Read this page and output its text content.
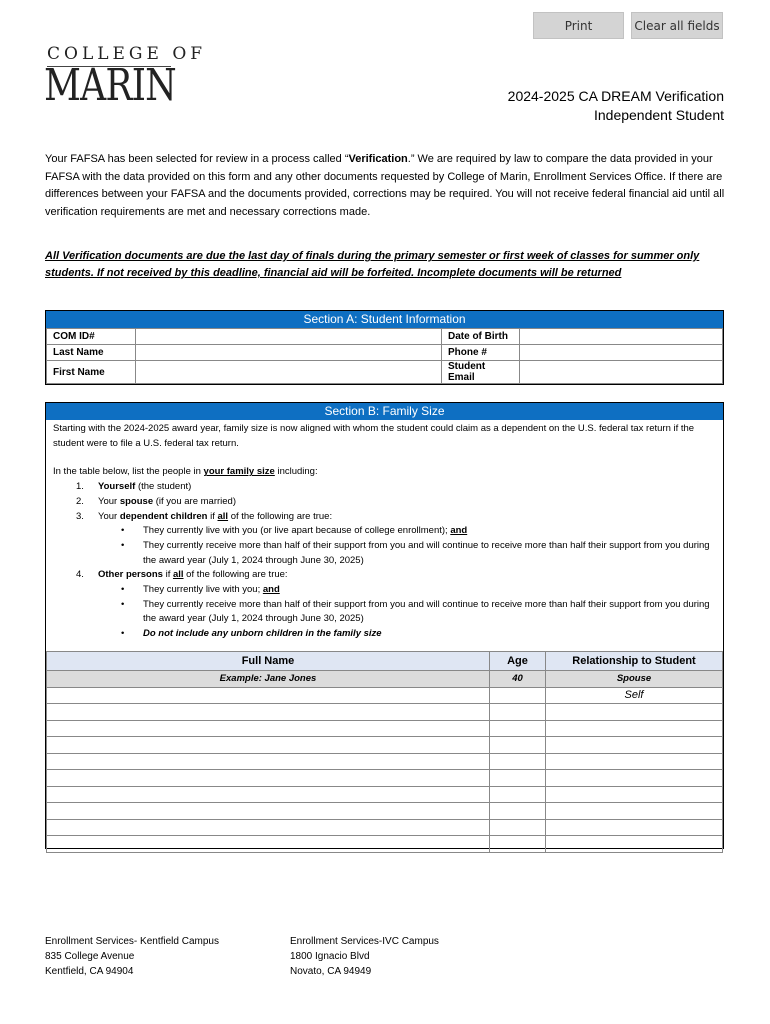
Print	Clear all fields
COLLEGE OF
MARIN	2024-2025 CA DREAM Verification
Independent Student
Your FAFSA has been selected for review in a process called “Verification.” We are required by law to compare the data provided in your FAFSA with the data provided on this form and any other documents requested by College of Marin, Enrollment Services Office. If there are differences between your FAFSA and the documents provided, corrections may be required. You will not receive federal financial aid until all verification requirements are met and necessary corrections made.
All Verification documents are due the last day of finals during the primary semester or first week of classes for summer only students. If not received by this deadline, financial aid will be forfeited. Incomplete documents will be returned
Section A: Student Information
COM ID#		Date of Birth	
Last Name		Phone #	
First Name		Student Email	
Section B: Family Size

Starting with the 2024-2025 award year, family size is now aligned with whom the student could claim as a dependent on the U.S. federal tax return if the student were to file a U.S. federal tax return.

In the table below, list the people in your family size including:

1. Yourself (the student)
2. Your spouse (if you are married)
3. Your dependent children if all of the following are true:
• They currently live with you (or live apart because of college enrollment); and
• They currently receive more than half of their support from you and will continue to receive more than half their support from you during the award year (July 1, 2024 through June 30, 2025)
4. Other persons if all of the following are true:
• They currently live with you; and
• They currently receive more than half of their support from you and will continue to receive more than half their support from you during the award year (July 1, 2024 through June 30, 2025)
• Do not include any unborn children in the family size
Full Name	Age	Relationship to Student
Example: Jane Jones	40	Spouse
		Self

Enrollment Services- Kentfield Campus
835 College Avenue
Kentfield, CA 94904
Enrollment Services-IVC Campus
1800 Ignacio Blvd
Novato, CA 94949
